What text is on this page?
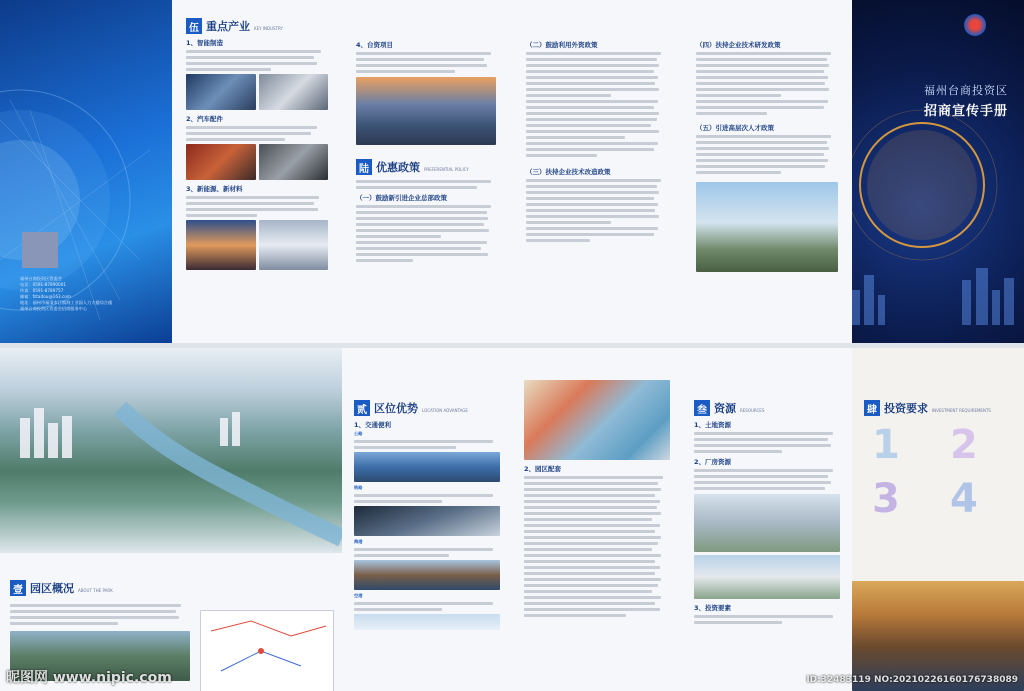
福州台商投资区管委会
电话：0591-87890001
传真：0591-8789757
邮箱：fztaitou@163.com
地址：福州市福清市江镇海工业园人力大楼综合楼
福州台商投资区管委会招商服务中心
伍 重点产业 KEY INDUSTRY
1、智能制造
2、汽车配件
3、新能源、新材料
4、台资项目
陆 优惠政策 PREFERENTIAL POLICY
（一）鼓励新引进企业总部政策
（二）鼓励利用外资政策
（三）扶持企业技术改造政策
（四）扶持企业技术研发政策
（五）引进高层次人才政策
福州台商投资区
招商宣传手册
壹 园区概况 ABOUT THE PARK
贰 区位优势 LOCATION ADVANTAGE
1、交通便利
公路
铁路
海港
空港
2、园区配套
叁 资源 RESOURCES
1、土地资源
2、厂房资源
3、投资要素
肆 投资要求 INVESTMENT REQUIREMENTS
1 2
3 4
昵图网 www.nipic.com	ID:32483119 NO:20210226160176738089
